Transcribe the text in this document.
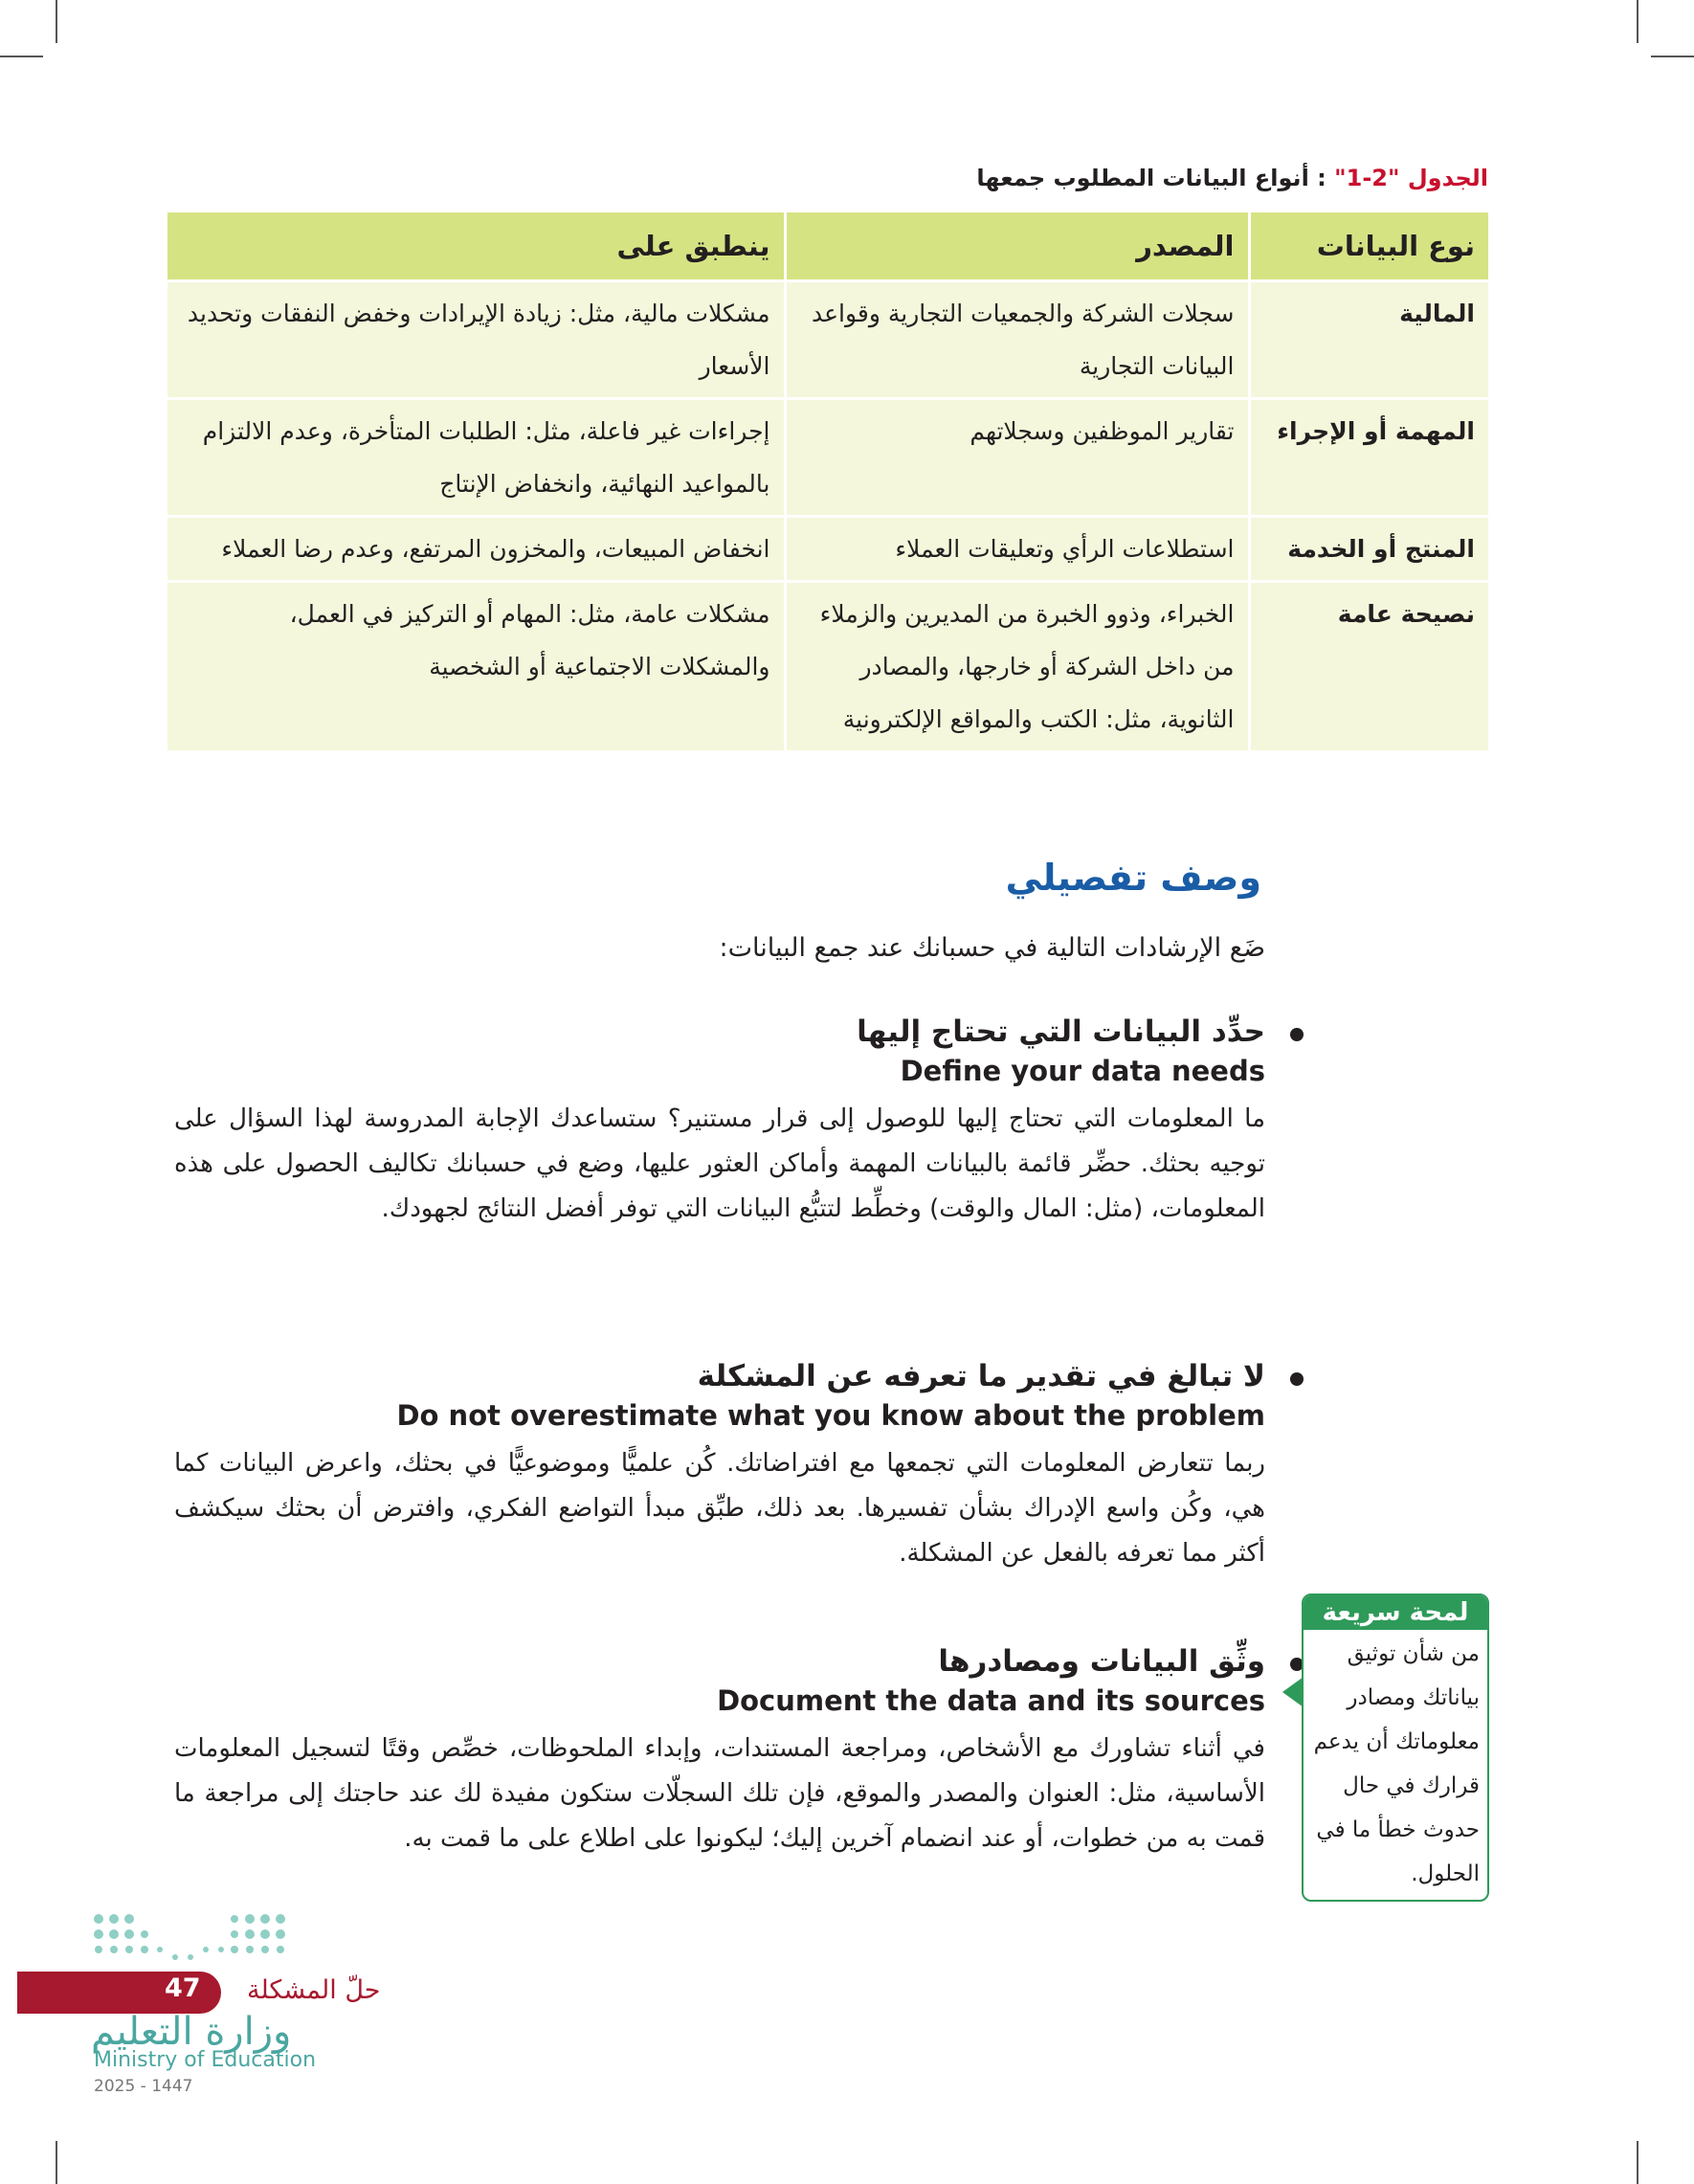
الجدول "2-1" : أنواع البيانات المطلوب جمعها
نوع البيانات	المصدر	ينطبق على
المالية	سجلات الشركة والجمعيات التجارية وقواعد البيانات التجارية	مشكلات مالية، مثل: زيادة الإيرادات وخفض النفقات وتحديد الأسعار
المهمة أو الإجراء	تقارير الموظفين وسجلاتهم	إجراءات غير فاعلة، مثل: الطلبات المتأخرة، وعدم الالتزام بالمواعيد النهائية، وانخفاض الإنتاج
المنتج أو الخدمة	استطلاعات الرأي وتعليقات العملاء	انخفاض المبيعات، والمخزون المرتفع، وعدم رضا العملاء
نصيحة عامة	الخبراء، وذوو الخبرة من المديرين والزملاء من داخل الشركة أو خارجها، والمصادر الثانوية، مثل: الكتب والمواقع الإلكترونية	مشكلات عامة، مثل: المهام أو التركيز في العمل، والمشكلات الاجتماعية أو الشخصية
وصف تفصيلي
ضَع الإرشادات التالية في حسبانك عند جمع البيانات:
حدِّد البيانات التي تحتاج إليها
Define your data needs
ما المعلومات التي تحتاج إليها للوصول إلى قرار مستنير؟ ستساعدك الإجابة المدروسة لهذا السؤال على توجيه بحثك. حضِّر قائمة بالبيانات المهمة وأماكن العثور عليها، وضع في حسبانك تكاليف الحصول على هذه المعلومات، (مثل: المال والوقت) وخطِّط لتتبُّع البيانات التي توفر أفضل النتائج لجهودك.
لا تبالغ في تقدير ما تعرفه عن المشكلة
Do not overestimate what you know about the problem
ربما تتعارض المعلومات التي تجمعها مع افتراضاتك. كُن علميًّا وموضوعيًّا في بحثك، واعرض البيانات كما هي، وكُن واسع الإدراك بشأن تفسيرها. بعد ذلك، طبِّق مبدأ التواضع الفكري، وافترض أن بحثك سيكشف أكثر مما تعرفه بالفعل عن المشكلة.
وثِّق البيانات ومصادرها
Document the data and its sources
في أثناء تشاورك مع الأشخاص، ومراجعة المستندات، وإبداء الملحوظات، خصِّص وقتًا لتسجيل المعلومات الأساسية، مثل: العنوان والمصدر والموقع، فإن تلك السجلّات ستكون مفيدة لك عند حاجتك إلى مراجعة ما قمت به من خطوات، أو عند انضمام آخرين إليك؛ ليكونوا على اطلاع على ما قمت به.
لمحة سريعة
من شأن توثيق بياناتك ومصادر معلوماتك أن يدعم قرارك في حال حدوث خطأ ما في الحلول.
47 حلّ المشكلة
وزارة التعليم
Ministry of Education
2025 - 1447
